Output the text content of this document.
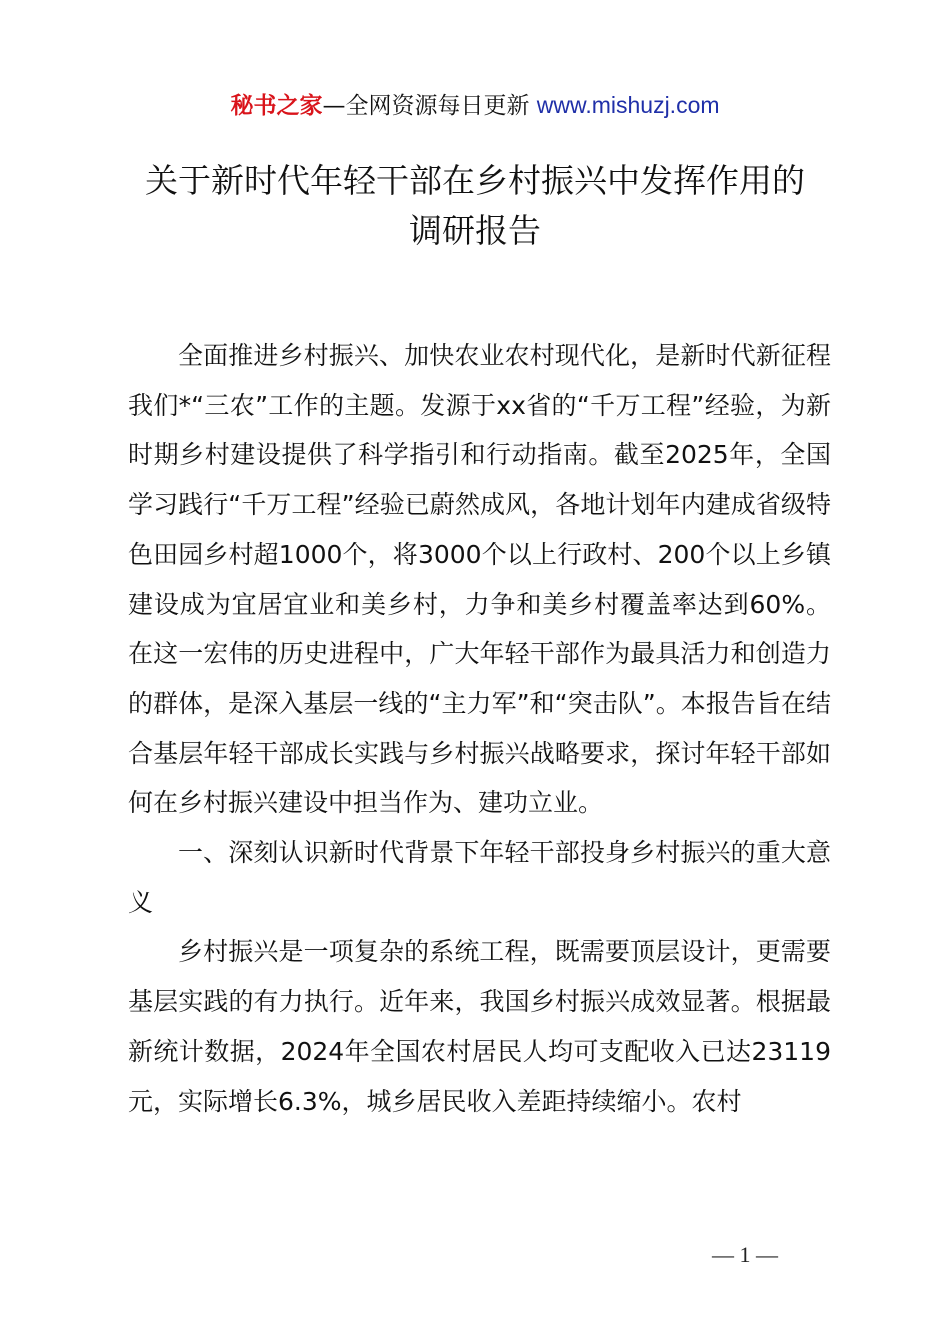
秘书之家—全网资源每日更新 www.mishuzj.com
关于新时代年轻干部在乡村振兴中发挥作用的
调研报告

全面推进乡村振兴、加快农业农村现代化，是新时代新征程我们*“三农”工作的主题。发源于xx省的“千万工程”经验，为新时期乡村建设提供了科学指引和行动指南。截至2025年，全国学习践行“千万工程”经验已蔚然成风，各地计划年内建成省级特色田园乡村超1000个，将3000个以上行政村、200个以上乡镇建设成为宜居宜业和美乡村，力争和美乡村覆盖率达到60%。在这一宏伟的历史进程中，广大年轻干部作为最具活力和创造力的群体，是深入基层一线的“主力军”和“突击队”。本报告旨在结合基层年轻干部成长实践与乡村振兴战略要求，探讨年轻干部如何在乡村振兴建设中担当作为、建功立业。

一、深刻认识新时代背景下年轻干部投身乡村振兴的重大意义

乡村振兴是一项复杂的系统工程，既需要顶层设计，更需要基层实践的有力执行。近年来，我国乡村振兴成效显著。根据最新统计数据，2024年全国农村居民人均可支配收入已达23119元，实际增长6.3%，城乡居民收入差距持续缩小。农村

— 1 —
